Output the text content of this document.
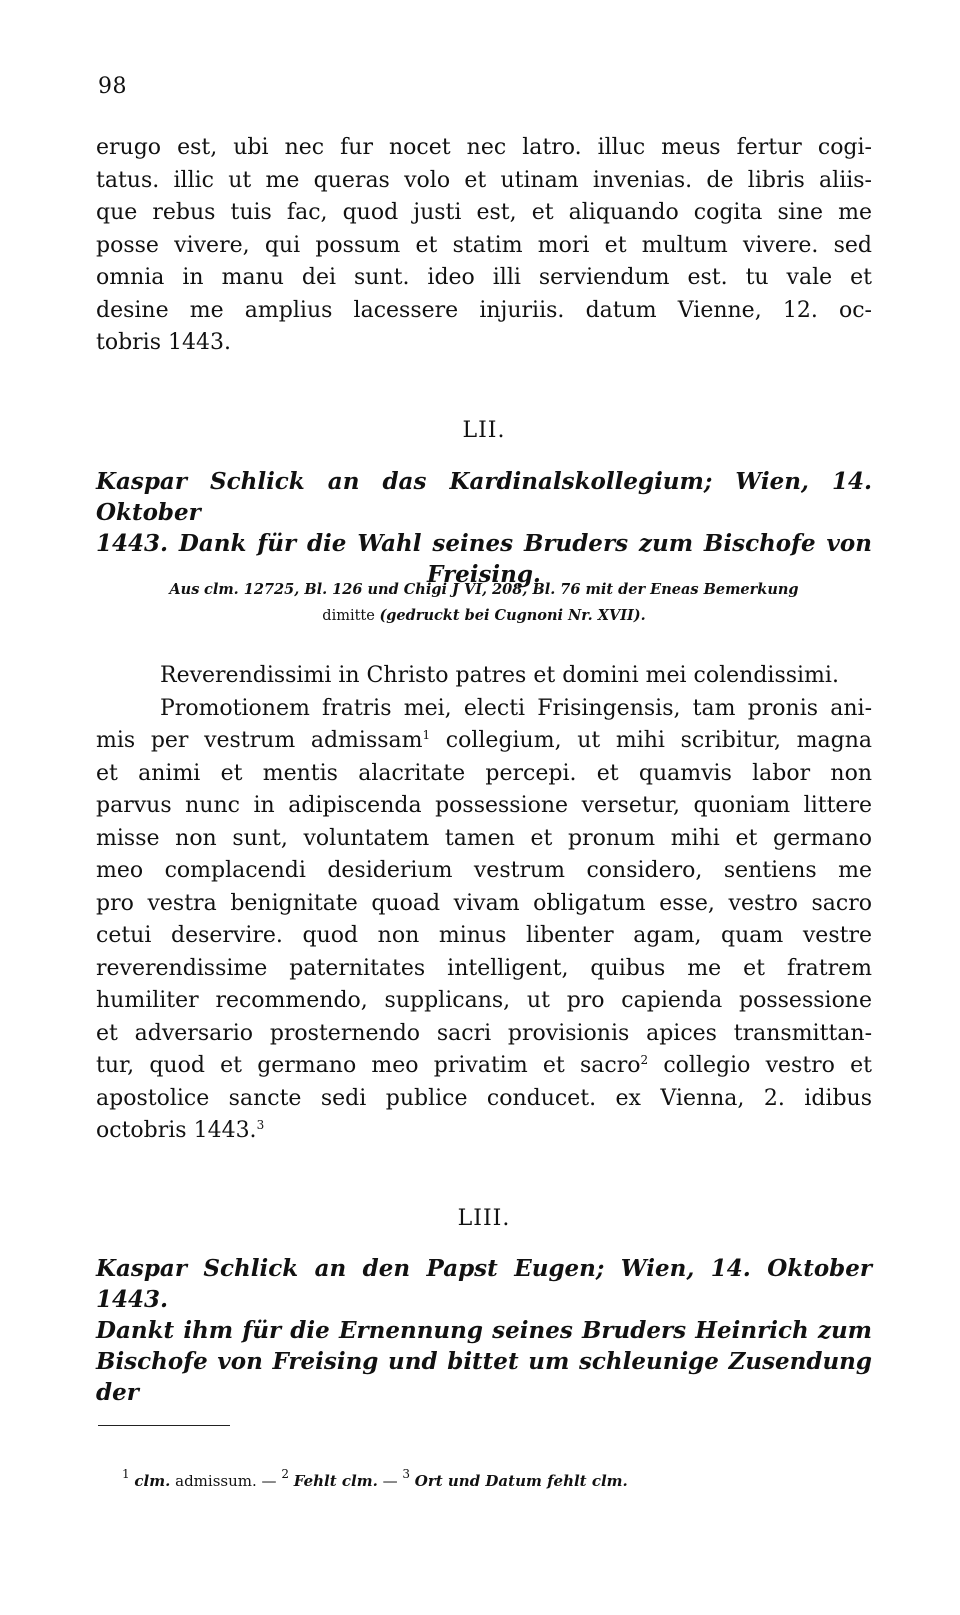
98
erugo est, ubi nec fur nocet nec latro. illuc meus fertur cogi-
tatus. illic ut me queras volo et utinam invenias. de libris aliis-
que rebus tuis fac, quod justi est, et aliquando cogita sine me
posse vivere, qui possum et statim mori et multum vivere. sed
omnia in manu dei sunt. ideo illi serviendum est. tu vale et
desine me amplius lacessere injuriis. datum Vienne, 12. oc-
tobris 1443.
LII.
Kaspar Schlick an das Kardinalskollegium; Wien, 14. Oktober
1443. Dank für die Wahl seines Bruders zum Bischofe von
Freising.
Aus clm. 12725, Bl. 126 und Chigi J VI, 208, Bl. 76 mit der Eneas Bemerkung
dimitte (gedruckt bei Cugnoni Nr. XVII).
Reverendissimi in Christo patres et domini mei colendissimi.
Promotionem fratris mei, electi Frisingensis, tam pronis ani-
mis per vestrum admissam$^1$ collegium, ut mihi scribitur, magna
et animi et mentis alacritate percepi. et quamvis labor non
parvus nunc in adipiscenda possessione versetur, quoniam littere
misse non sunt, voluntatem tamen et pronum mihi et germano
meo complacendi desiderium vestrum considero, sentiens me
pro vestra benignitate quoad vivam obligatum esse, vestro sacro
cetui deservire. quod non minus libenter agam, quam vestre
reverendissime paternitates intelligent, quibus me et fratrem
humiliter recommendo, supplicans, ut pro capienda possessione
et adversario prosternendo sacri provisionis apices transmittan-
tur, quod et germano meo privatim et sacro$^2$ collegio vestro et
apostolice sancte sedi publice conducet. ex Vienna, 2. idibus
octobris 1443.$^3$
LIII.
Kaspar Schlick an den Papst Eugen; Wien, 14. Oktober 1443.
Dankt ihm für die Ernennung seines Bruders Heinrich zum
Bischofe von Freising und bittet um schleunige Zusendung der
$^1$ clm. admissum. — $^2$ Fehlt clm. — $^3$ Ort und Datum fehlt clm.
